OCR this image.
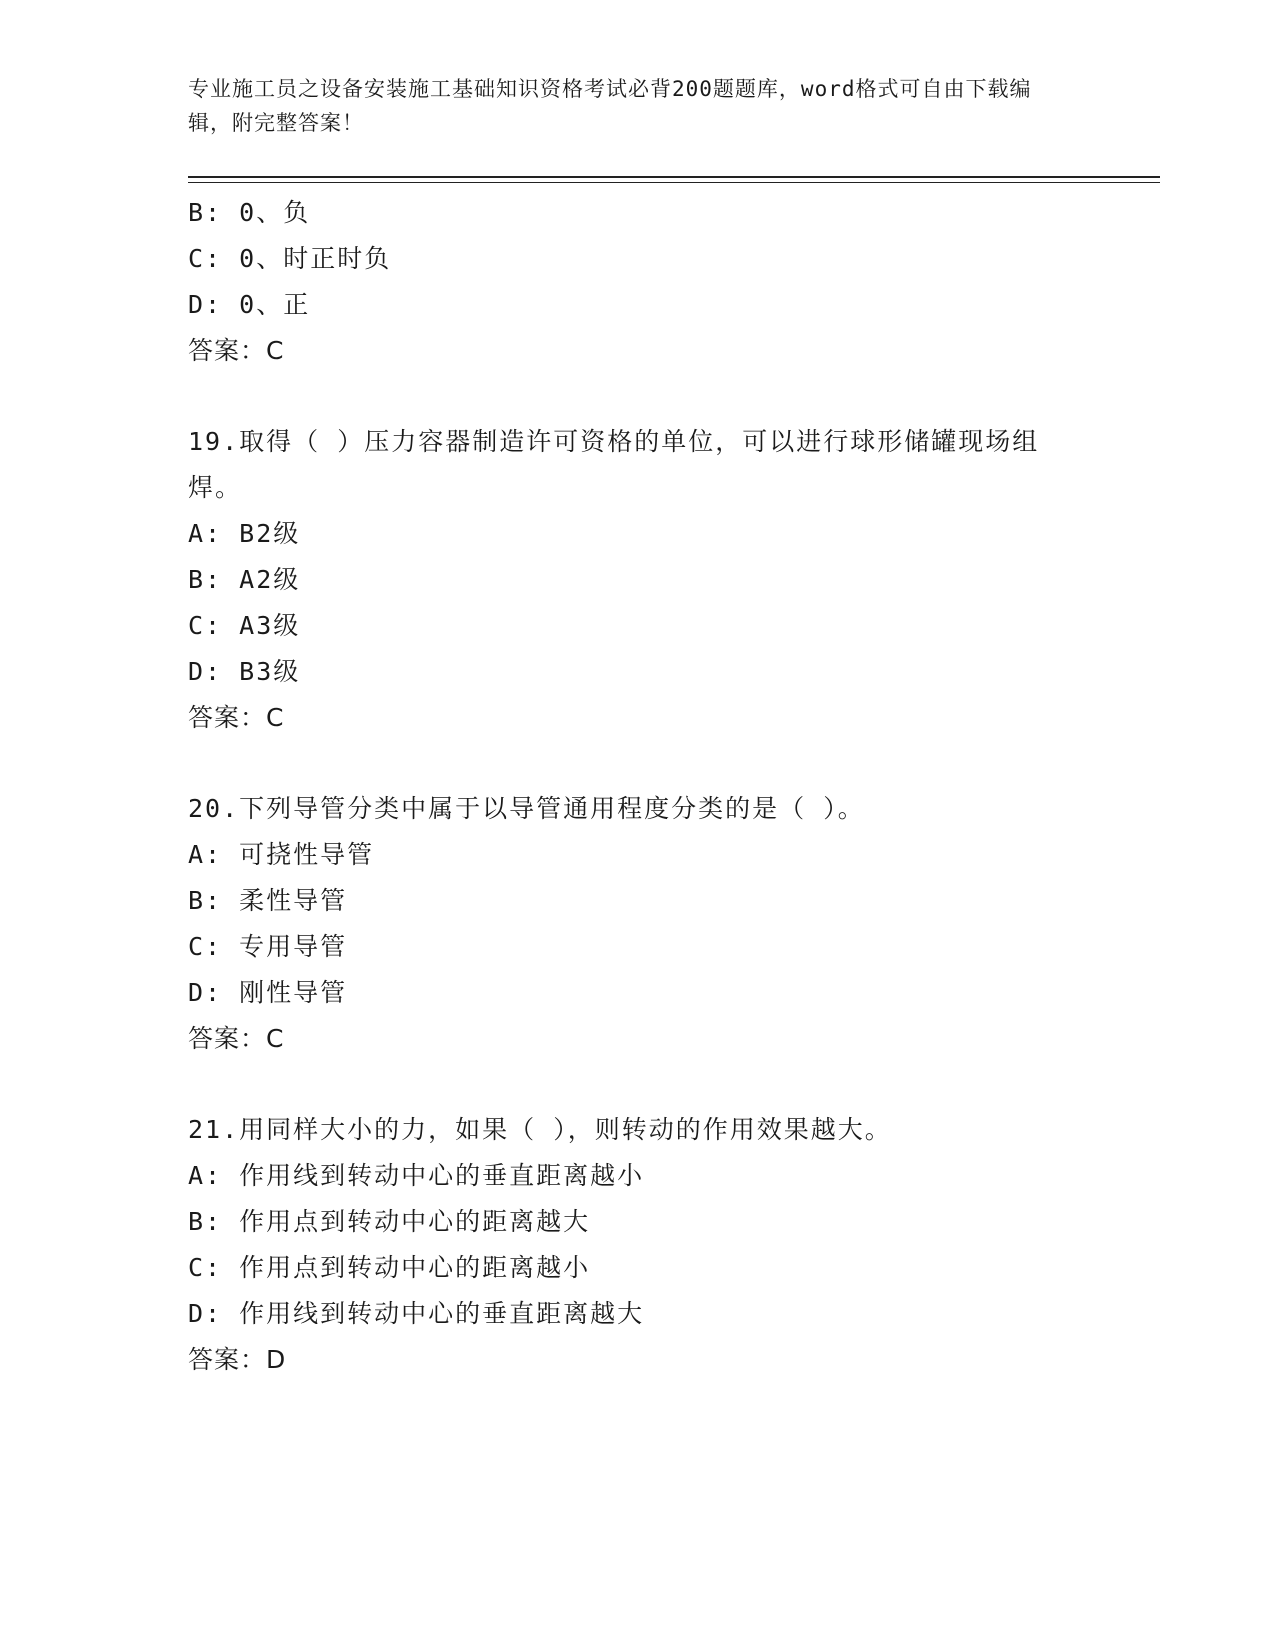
专业施工员之设备安装施工基础知识资格考试必背200题题库，word格式可自由下载编辑，附完整答案！
B: 0、负
C: 0、时正时负
D: 0、正
答案：C
19.取得（ ）压力容器制造许可资格的单位，可以进行球形储罐现场组焊。
A: B2级
B: A2级
C: A3级
D: B3级
答案：C
20.下列导管分类中属于以导管通用程度分类的是（ ）。
A: 可挠性导管
B: 柔性导管
C: 专用导管
D: 刚性导管
答案：C
21.用同样大小的力，如果（ ），则转动的作用效果越大。
A: 作用线到转动中心的垂直距离越小
B: 作用点到转动中心的距离越大
C: 作用点到转动中心的距离越小
D: 作用线到转动中心的垂直距离越大
答案：D
